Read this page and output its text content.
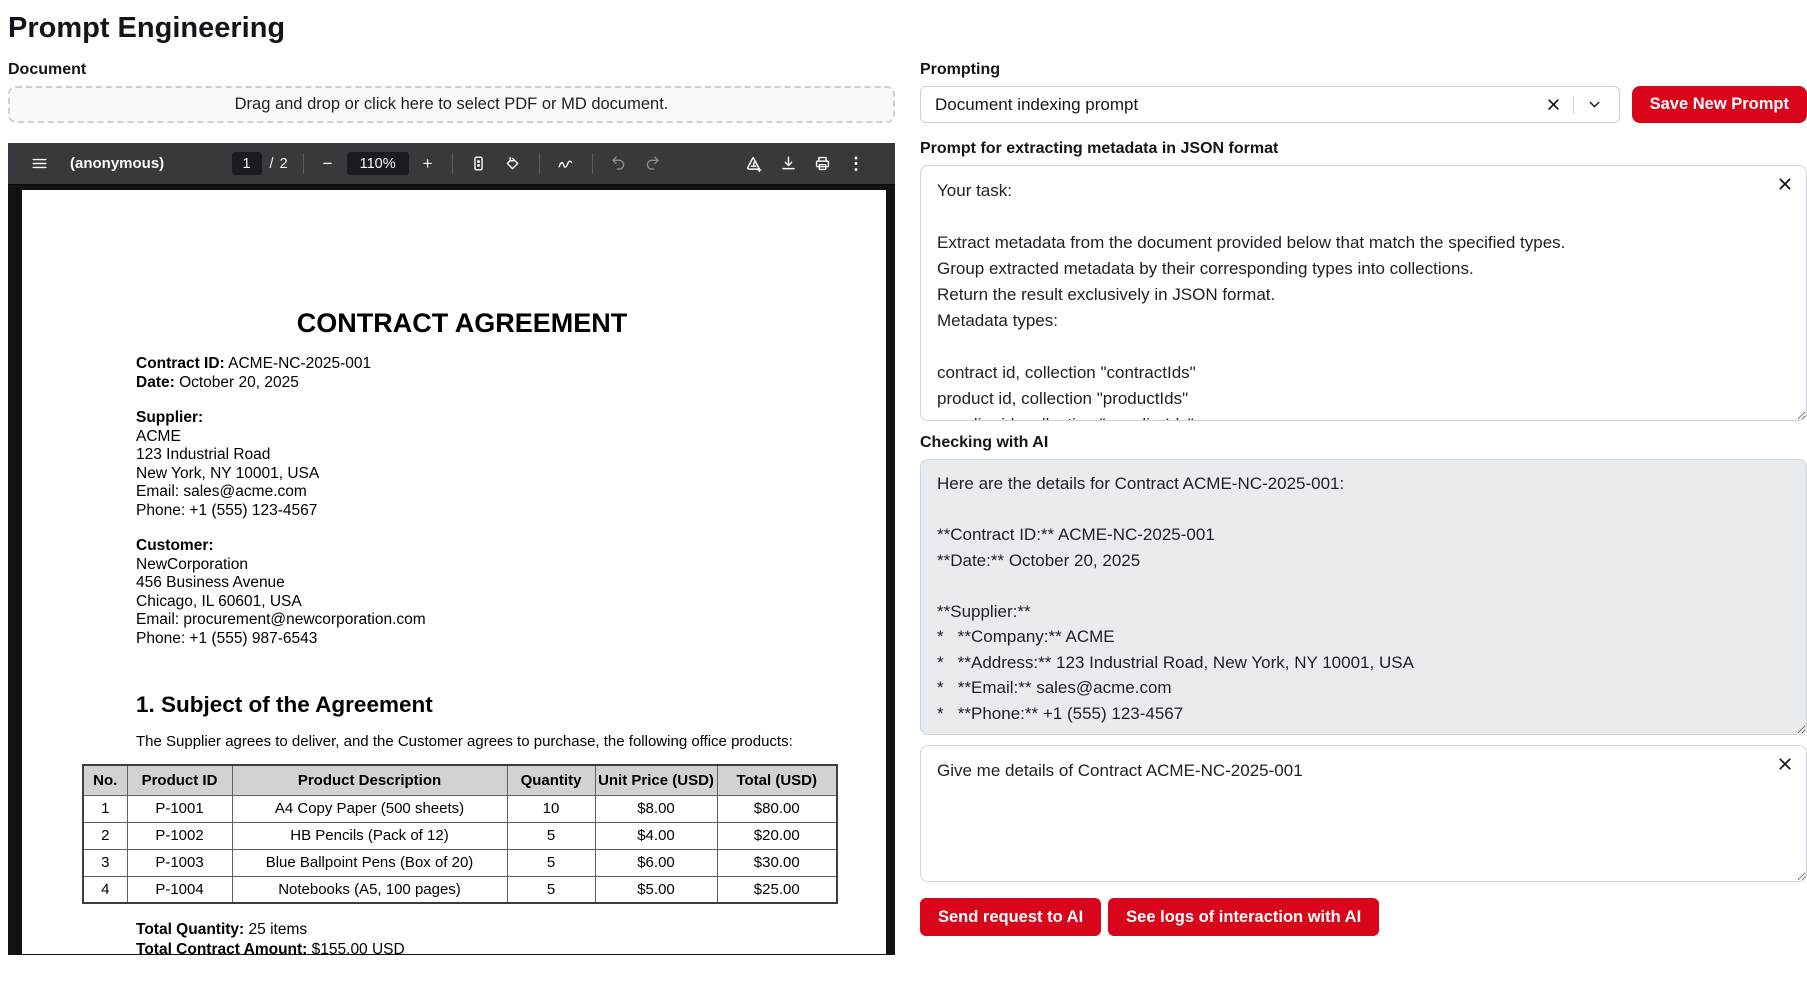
Prompt Engineering
Document
Drag and drop or click here to select PDF or MD document.
(anonymous)	1	/ 2	−	110%	+	⋮
CONTRACT AGREEMENT
Contract ID: ACME-NC-2025-001
Date: October 20, 2025
Supplier:
ACME
123 Industrial Road
New York, NY 10001, USA
Email: sales@acme.com
Phone: +1 (555) 123-4567
Customer:
NewCorporation
456 Business Avenue
Chicago, IL 60601, USA
Email: procurement@newcorporation.com
Phone: +1 (555) 987-6543
1. Subject of the Agreement
The Supplier agrees to deliver, and the Customer agrees to purchase, the following office products:
No.	Product ID	Product Description	Quantity	Unit Price (USD)	Total (USD)
1	P-1001	A4 Copy Paper (500 sheets)	10	$8.00	$80.00
2	P-1002	HB Pencils (Pack of 12)	5	$4.00	$20.00
3	P-1003	Blue Ballpoint Pens (Box of 20)	5	$6.00	$30.00
4	P-1004	Notebooks (A5, 100 pages)	5	$5.00	$25.00
Total Quantity: 25 items
Total Contract Amount: $155.00 USD
Prompting
Document indexing prompt	Save New Prompt
Prompt for extracting metadata in JSON format
Your task: Extract metadata from the document provided below that match the specified types. Group extracted metadata by their corresponding types into collections. Return the result exclusively in JSON format. Metadata types: contract id, collection "contractIds" product id, collection "productIds" supplier id, collection "supplierIds"
Checking with AI
Here are the details for Contract ACME-NC-2025-001: **Contract ID:** ACME-NC-2025-001 **Date:** October 20, 2025 **Supplier:** * **Company:** ACME * **Address:** 123 Industrial Road, New York, NY 10001, USA * **Email:** sales@acme.com * **Phone:** +1 (555) 123-4567
Give me details of Contract ACME-NC-2025-001
Send request to AI	See logs of interaction with AI
